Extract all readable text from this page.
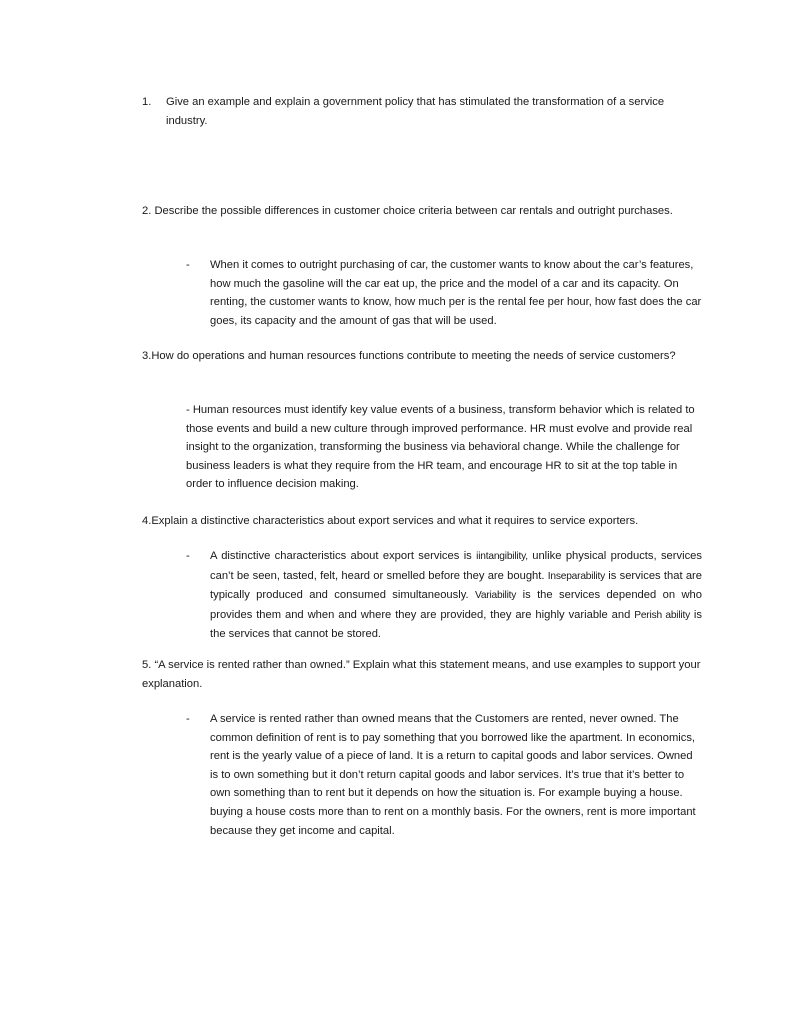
1. Give an example and explain a government policy that has stimulated the transformation of a service industry.
2. Describe the possible differences in customer choice criteria between car rentals and outright purchases.
- When it comes to outright purchasing of car, the customer wants to know about the car’s features, how much the gasoline will the car eat up, the price and the model of a car and its capacity. On renting, the customer wants to know, how much per is the rental fee per hour, how fast does the car goes, its capacity and the amount of gas that will be used.
3.How do operations and human resources functions contribute to meeting the needs of service customers?
- Human resources must identify key value events of a business, transform behavior which is related to those events and build a new culture through improved performance. HR must evolve and provide real insight to the organization, transforming the business via behavioral change. While the challenge for business leaders is what they require from the HR team, and encourage HR to sit at the top table in order to influence decision making.
4.Explain a distinctive characteristics about export services and what it requires to service exporters.
- A distinctive characteristics about export services is iintangibility, unlike physical products, services can’t be seen, tasted, felt, heard or smelled before they are bought. Inseparability is services that are typically produced and consumed simultaneously. Variability is the services depended on who provides them and when and where they are provided, they are highly variable and Perish ability is the services that cannot be stored.
5. “A service is rented rather than owned.” Explain what this statement means, and use examples to support your explanation.
- A service is rented rather than owned means that the Customers are rented, never owned. The common definition of rent is to pay something that you borrowed like the apartment. In economics, rent is the yearly value of a piece of land. It is a return to capital goods and labor services. Owned is to own something but it don’t return capital goods and labor services. It’s true that it’s better to own something than to rent but it depends on how the situation is. For example buying a house. buying a house costs more than to rent on a monthly basis. For the owners, rent is more important because they get income and capital.
